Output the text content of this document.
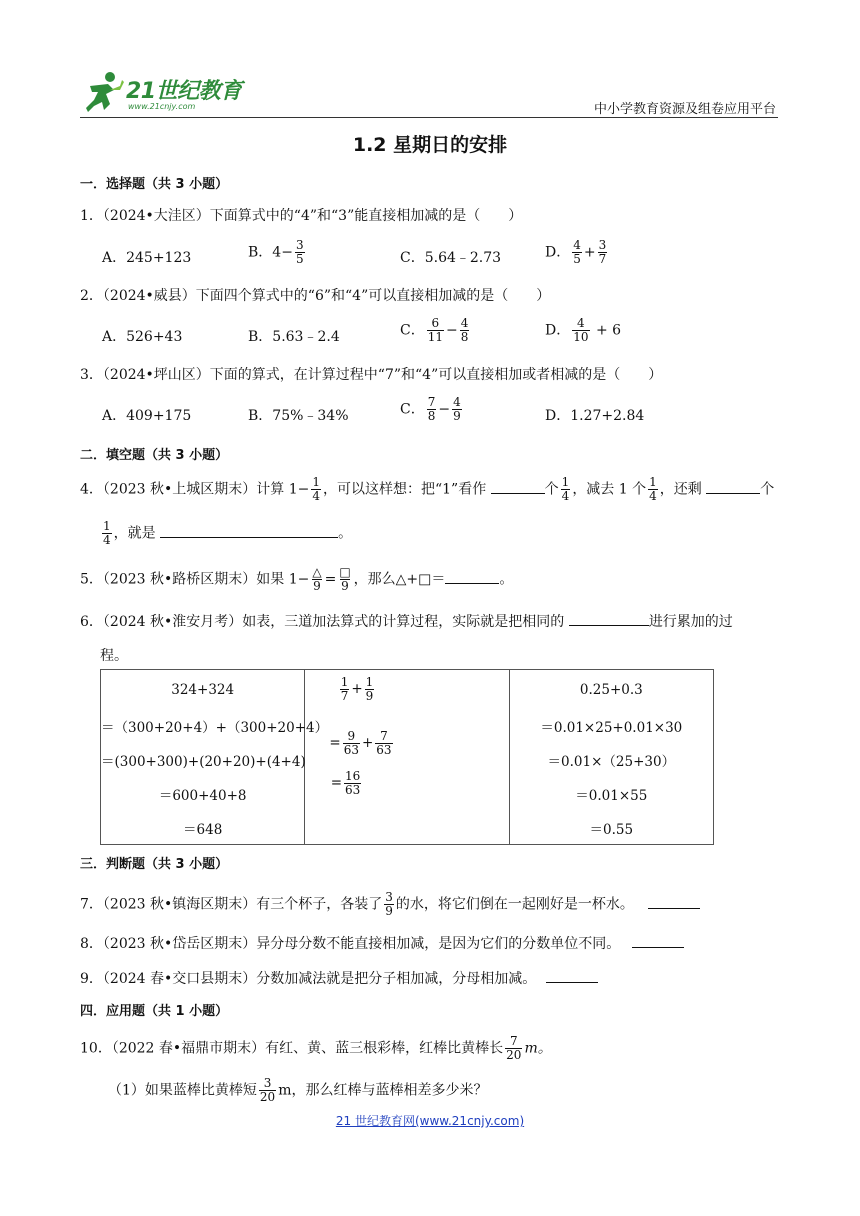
21世纪教育
www.21cnjy.com	中小学教育资源及组卷应用平台
1.2 星期日的安排
一．选择题（共 3 小题）
1．（2024•大洼区）下面算式中的“4”和“3”能直接相加减的是（　　）
A．245+123	B．$4- \frac{3}{5}$	C．5.64﹣2.73	D． $\frac{4}{5} + \frac{3}{7}$
2．（2024•威县）下面四个算式中的“6”和“4”可以直接相加减的是（　　）
A．526+43	B．5.63﹣2.4	C． $\frac{6}{11} - \frac{4}{8}$	D． $\frac{4}{10} + 6$
3．（2024•坪山区）下面的算式，在计算过程中“7”和“4”可以直接相加或者相减的是（　　）
A．409+175	B．75%﹣34%	C． $\frac{7}{8} - \frac{4}{9}$	D．1.27+2.84
二．填空题（共 3 小题）
4．（2023 秋•上城区期末）计算 $1- \frac{1}{4}$ ，可以这样想：把“1”看作	个 $\frac{1}{4}$ ，减去 1 个 $\frac{1}{4}$ ，还剩	个
$\frac{1}{4}$ ，就是	。
5．（2023 秋•路桥区期末）如果 $1- \frac{\triangle}{9} = \frac{□}{9}$ ，那么△+□＝	。
6．（2024 秋•淮安月考）如表，三道加法算式的计算过程，实际就是把相同的	进行累加的过
程。
324+324
＝（300+20+4）+（300+20+4）
＝(300+300)+(20+20)+(4+4)
＝600+40+8
＝648

$\frac{1}{7} + \frac{1}{9}$
= $\frac{9}{63} + \frac{7}{63}$
= $\frac{16}{63}$

0.25+0.3
＝0.01×25+0.01×30
＝0.01×（25+30）
＝0.01×55
＝0.55
三．判断题（共 3 小题）
7．（2023 秋•镇海区期末）有三个杯子，各装了 $\frac{3}{9}$ 的水，将它们倒在一起刚好是一杯水。
8．（2023 秋•岱岳区期末）异分母分数不能直接相加减，是因为它们的分数单位不同。
9．（2024 春•交口县期末）分数加减法就是把分子相加减，分母相加减。
四．应用题（共 1 小题）
10．（2022 春•福鼎市期末）有红、黄、蓝三根彩棒，红棒比黄棒长 $\frac{7}{20}$ m。
（1）如果蓝棒比黄棒短 $\frac{3}{20}$ m，那么红棒与蓝棒相差多少米？
21 世纪教育网(www.21cnjy.com)
